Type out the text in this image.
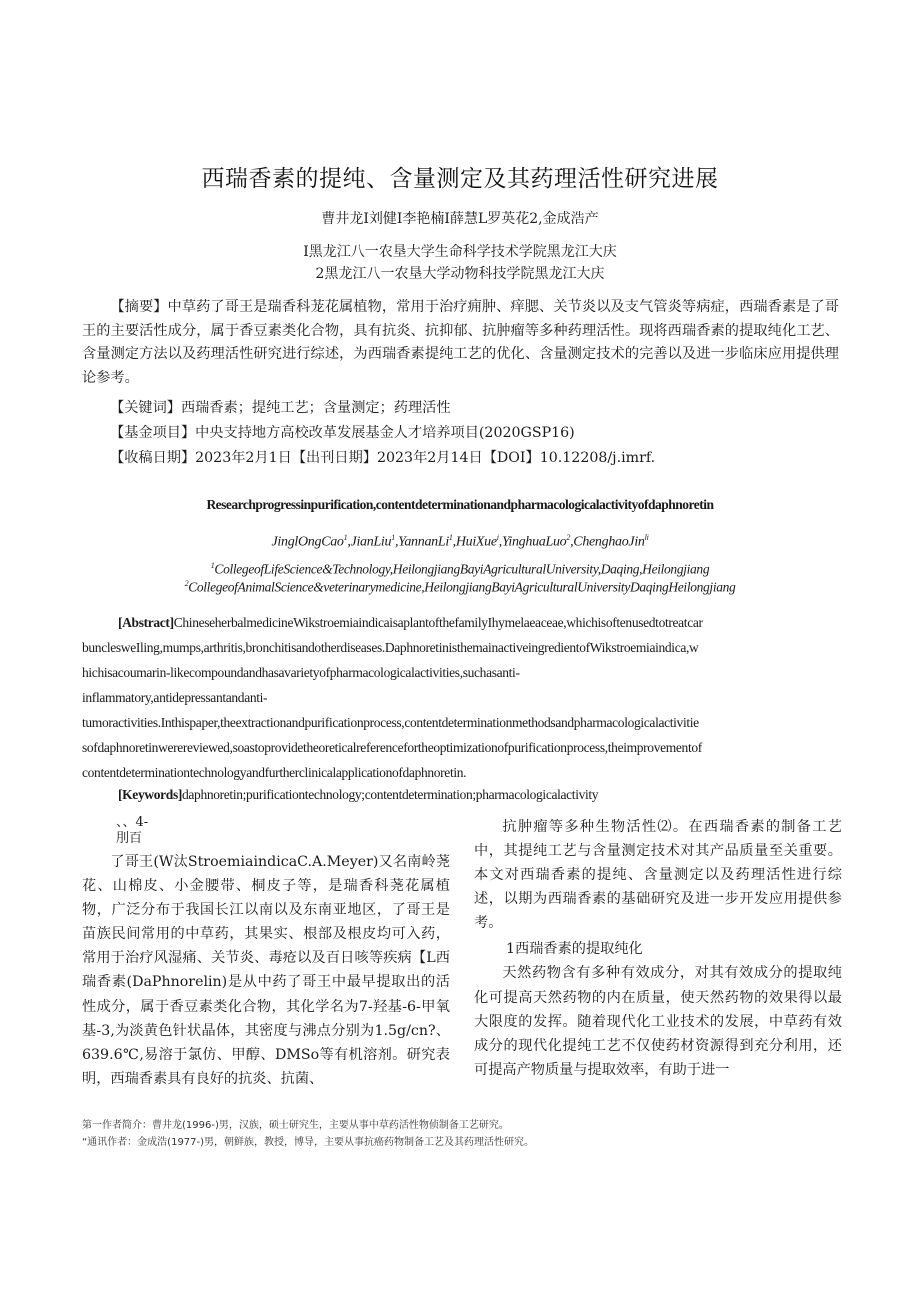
西瑞香素的提纯、含量测定及其药理活性研究进展
曹井龙I刘健I李艳楠I薛慧L罗英花2,金成浩产
I黑龙江八一农垦大学生命科学技术学院黑龙江大庆
2黑龙江八一农垦大学动物科技学院黑龙江大庆
【摘要】中草药了哥王是瑞香科茏花属植物，常用于治疗痈肿、痒腮、关节炎以及支气管炎等病症，西瑞香素是了哥王的主要活性成分，属于香豆素类化合物，具有抗炎、抗抑郁、抗肿瘤等多种药理活性。现将西瑞香素的提取纯化工艺、含量测定方法以及药理活性研究进行综述，为西瑞香素提纯工艺的优化、含量测定技术的完善以及进一步临床应用提供理论参考。
【关键词】西瑞香素；提纯工艺；含量测定；药理活性
【基金项目】中央支持地方高校改革发展基金人才培养项目(2020GSP16)
【收稿日期】2023年2月1日【出刊日期】2023年2月14日【DOI】10.12208/j.imrf.
Researchprogressinpurification,contentdeterminationandpharmacologicalactivityofdaphnoretin
JinglOngCao$^1$,JianLiu$^1$,YannanLi$^1$,HuiXue$^i$,YinghuaLuo$^2$,ChenghaoJin$^{li}$
$^1$CollegeofLifeScience&Technology,HeilongjiangBayiAgriculturalUniversity,Daqing,Heilongjiang
$^2$CollegeofAnimalScience&veterinarymedicine,HeilongjiangBayiAgriculturalUniversityDaqingHeilongjiang
[Abstract]ChineseherbalmedicineWikstroemiaindicaisaplantofthefamilyIhymelaeaceae,whichisoftenusedtotreatcar
bunclesweIling,mumps,arthritis,bronchitisandotherdiseases.DaphnoretinisthemainactiveingredientofWikstroemiaindica,w
hichisacoumarin-likecompoundandhasavarietyofpharmacologicalactivities,suchasanti-
inflammatory,antidepressantandanti-
tumoractivities.Inthispaper,theextractionandpurificationprocess,contentdeterminationmethodsandpharmacologicalactivitie
sofdaphnoretinwerereviewed,soastoprovidetheoreticalreferencefortheoptimizationofpurificationprocess,theimprovementof
contentdeterminationtechnologyandfurtherclinicalapplicationofdaphnoretin.
[Keywords]daphnoretin;purificationtechnology;contentdetermination;pharmacologicalactivity
、、4-
刖百

了哥王(W汰StroemiaindicaC.A.Meyer)又名南岭荛花、山棉皮、小金腰带、桐皮子等，是瑞香科荛花属植物，广泛分布于我国长江以南以及东南亚地区，了哥王是苗族民间常用的中草药，其果实、根部及根皮均可入药，常用于治疗风湿痛、关节炎、毒疮以及百日咳等疾病【L西瑞香素(DaPhnorelin)是从中药了哥王中最早提取出的活性成分，属于香豆素类化合物，其化学名为7-羟基-6-甲氧基-3,为淡黄色针状晶体，其密度与沸点分别为1.5g/cn?、639.6℃,易溶于氯仿、甲醇、DMSo等有机溶剂。研究表明，西瑞香素具有良好的抗炎、抗菌、

抗肿瘤等多种生物活性⑵。在西瑞香素的制备工艺中，其提纯工艺与含量测定技术对其产品质量至关重要。本文对西瑞香素的提纯、含量测定以及药理活性进行综述，以期为西瑞香素的基础研究及进一步开发应用提供参考。

1西瑞香素的提取纯化

天然药物含有多种有效成分，对其有效成分的提取纯化可提高天然药物的内在质量，使天然药物的效果得以最大限度的发挥。随着现代化工业技术的发展，中草药有效成分的现代化提纯工艺不仅使药材资源得到充分利用，还可提高产物质量与提取效率，有助于进一

第一作者简介：曹井龙(1996-)男，汉族，硕士研究生，主要从事中草药活性物侦制备工艺研究。
“通讯作者：金成浩(1977-)男，朝鲜族，教授，博导，主要从事抗癌药物制备工艺及其药理活性研究。
